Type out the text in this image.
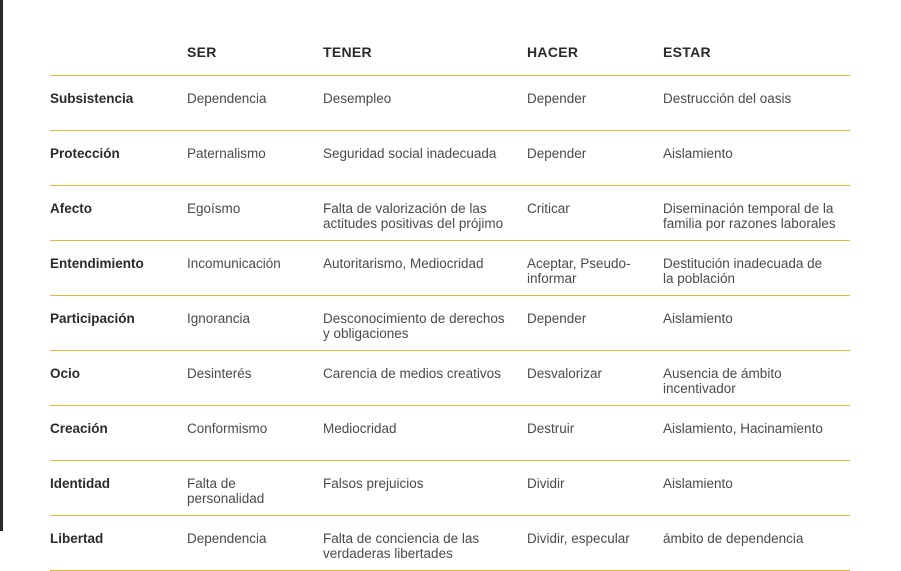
	SER	TENER	HACER	ESTAR
Subsistencia	Dependencia	Desempleo	Depender	Destrucción del oasis
Protección	Paternalismo	Seguridad social inadecuada	Depender	Aislamiento
Afecto	Egoísmo	Falta de valorización de las actitudes positivas del prójimo	Criticar	Diseminación temporal de la familia por razones laborales
Entendimiento	Incomunicación	Autoritarismo, Mediocridad	Aceptar, Pseudo-informar	Destitución inadecuada de la población
Participación	Ignorancia	Desconocimiento de derechos y obligaciones	Depender	Aislamiento
Ocio	Desinterés	Carencia de medios creativos	Desvalorizar	Ausencia de ámbito incentivador
Creación	Conformismo	Mediocridad	Destruir	Aislamiento, Hacinamiento
Identidad	Falta de personalidad	Falsos prejuicios	Dividir	Aislamiento
Libertad	Dependencia	Falta de conciencia de las verdaderas libertades	Dividir, especular	ámbito de dependencia
